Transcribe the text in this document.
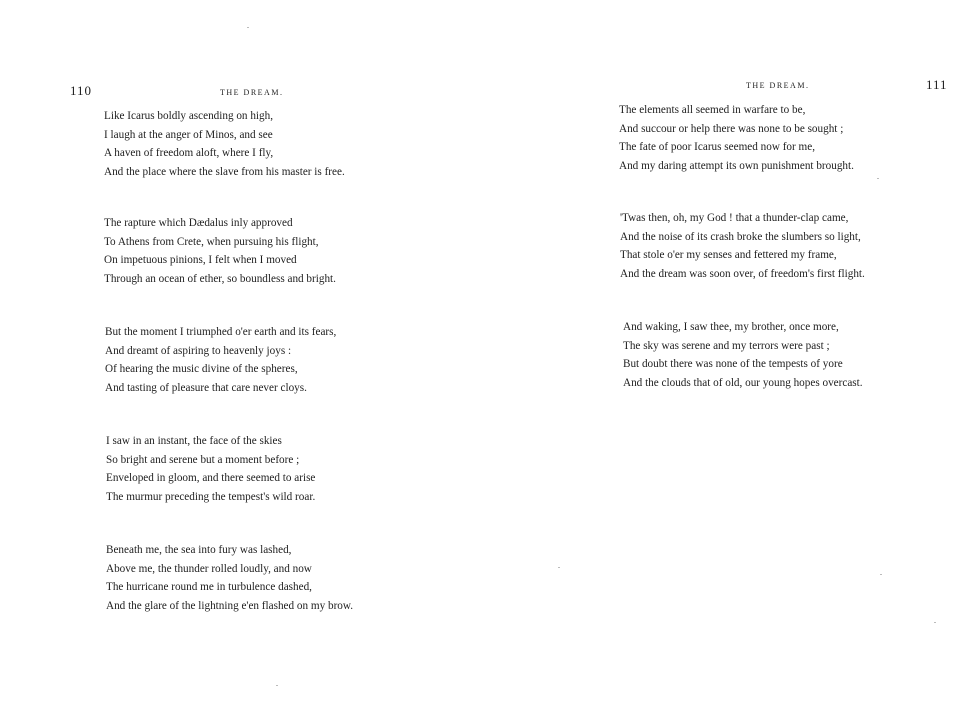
110	THE DREAM.
Like Icarus boldly ascending on high,
I laugh at the anger of Minos, and see
A haven of freedom aloft, where I fly,
And the place where the slave from his master is free.
The rapture which Dædalus inly approved
To Athens from Crete, when pursuing his flight,
On impetuous pinions, I felt when I moved
Through an ocean of ether, so boundless and bright.
But the moment I triumphed o'er earth and its fears,
And dreamt of aspiring to heavenly joys :
Of hearing the music divine of the spheres,
And tasting of pleasure that care never cloys.
I saw in an instant, the face of the skies
So bright and serene but a moment before ;
Enveloped in gloom, and there seemed to arise
The murmur preceding the tempest's wild roar.
Beneath me, the sea into fury was lashed,
Above me, the thunder rolled loudly, and now
The hurricane round me in turbulence dashed,
And the glare of the lightning e'en flashed on my brow.
THE DREAM.	111
The elements all seemed in warfare to be,
And succour or help there was none to be sought ;
The fate of poor Icarus seemed now for me,
And my daring attempt its own punishment brought.
'Twas then, oh, my God ! that a thunder-clap came,
And the noise of its crash broke the slumbers so light,
That stole o'er my senses and fettered my frame,
And the dream was soon over, of freedom's first flight.
And waking, I saw thee, my brother, once more,
The sky was serene and my terrors were past ;
But doubt there was none of the tempests of yore
And the clouds that of old, our young hopes overcast.
